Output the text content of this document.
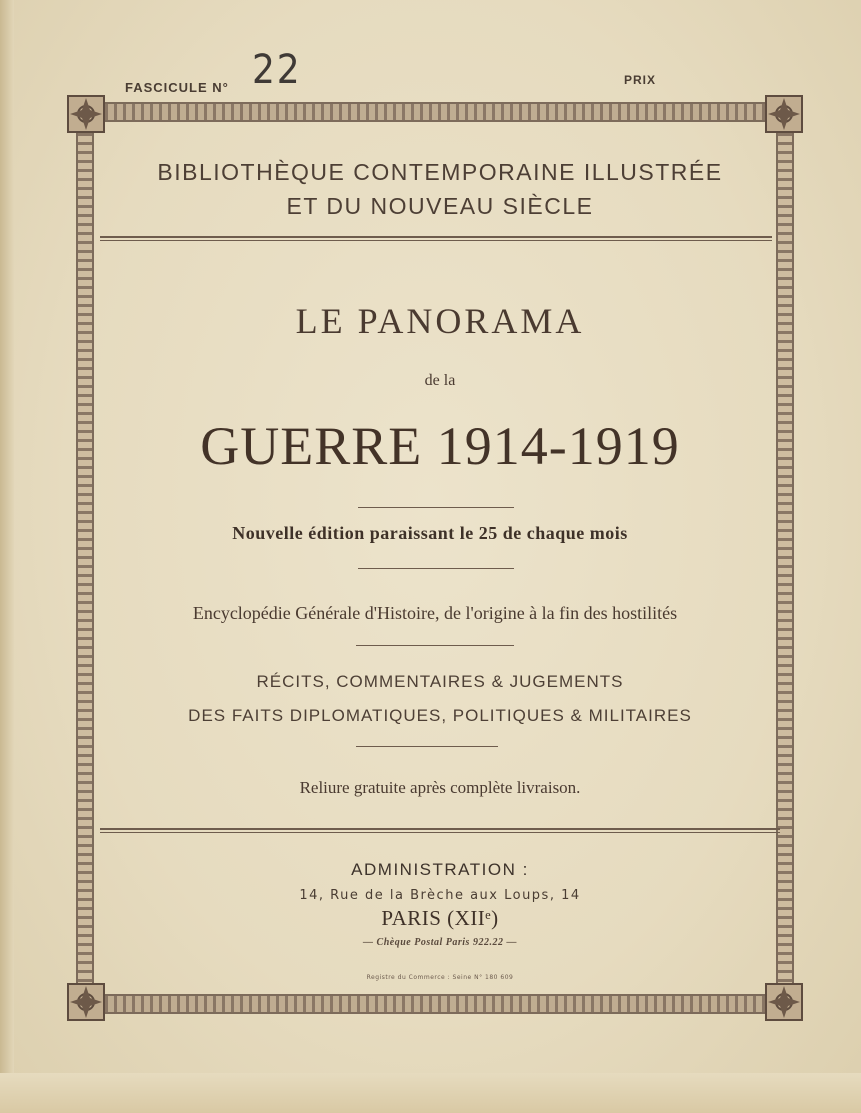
FASCICULE N° 22	PRIX
BIBLIOTHÈQUE CONTEMPORAINE ILLUSTRÉE
ET DU NOUVEAU SIÈCLE
LE PANORAMA
de la
GUERRE 1914-1919
Nouvelle édition paraissant le 25 de chaque mois
Encyclopédie Générale d'Histoire, de l'origine à la fin des hostilités
RÉCITS, COMMENTAIRES & JUGEMENTS
DES FAITS DIPLOMATIQUES, POLITIQUES & MILITAIRES
Reliure gratuite après complète livraison.
ADMINISTRATION :
14, Rue de la Brèche aux Loups, 14
PARIS (XIIᵉ)
— Chèque Postal Paris 922.22 —
Registre du Commerce : Seine N° 180 609
